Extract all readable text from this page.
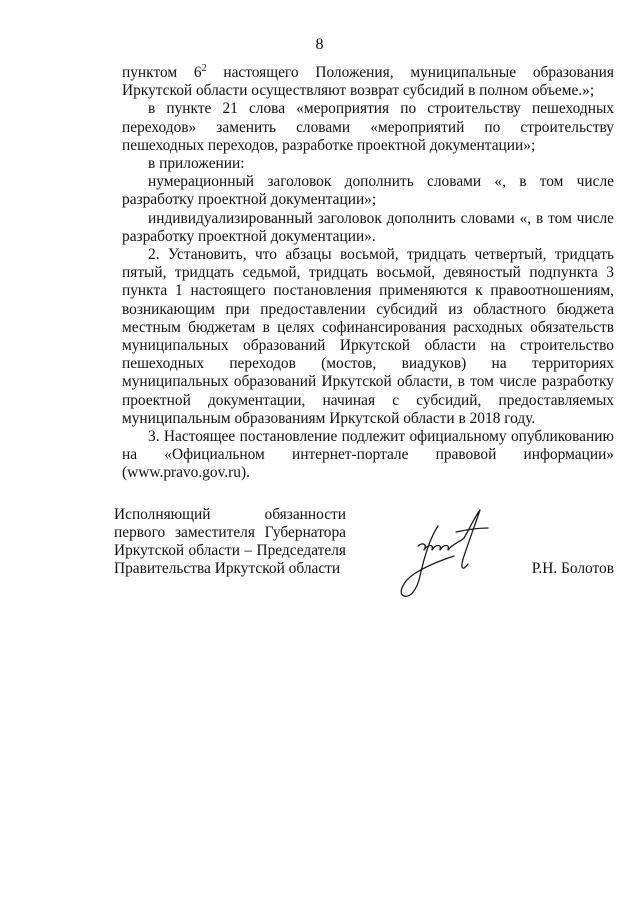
8

пунктом $6^2$ настоящего Положения, муниципальные образования Иркутской области осуществляют возврат субсидий в полном объеме.»;

в пункте 21 слова «мероприятия по строительству пешеходных переходов» заменить словами «мероприятий по строительству пешеходных переходов, разработке проектной документации»;

в приложении:

нумерационный заголовок дополнить словами «, в том числе разработку проектной документации»;

индивидуализированный заголовок дополнить словами «, в том числе разработку проектной документации».

2. Установить, что абзацы восьмой, тридцать четвертый, тридцать пятый, тридцать седьмой, тридцать восьмой, девяностый подпункта 3 пункта 1 настоящего постановления применяются к правоотношениям, возникающим при предоставлении субсидий из областного бюджета местным бюджетам в целях софинансирования расходных обязательств муниципальных образований Иркутской области на строительство пешеходных переходов (мостов, виадуков) на территориях муниципальных образований Иркутской области, в том числе разработку проектной документации, начиная с субсидий, предоставляемых муниципальным образованиям Иркутской области в 2018 году.

3. Настоящее постановление подлежит официальному опубликованию на «Официальном интернет-портале правовой информации» (www.pravo.gov.ru).

Исполняющий обязанности
первого заместителя Губернатора
Иркутской области – Председателя
Правительства Иркутской области	Р.Н. Болотов
